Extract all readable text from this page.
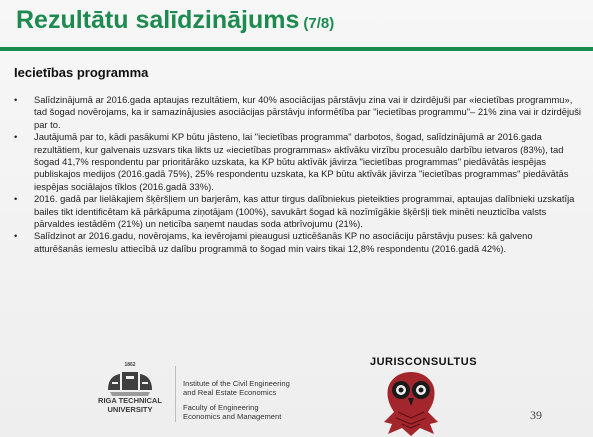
Rezultātu salīdzinājums (7/8)
Iecietības programma
• Salīdzinājumā ar 2016.gada aptaujas rezultātiem, kur 40% asociācijas pārstāvju zina vai ir dzirdējuši par «iecietības programmu», tad šogad novērojams, ka ir samazinājusies asociācijas pārstāvju informētība par "iecietības programmu"– 21% zina vai ir dzirdējuši par to.
• Jautājumā par to, kādi pasākumi KP būtu jāsteno, lai "iecietības programma" darbotos, šogad, salīdzinājumā ar 2016.gada rezultātiem, kur galvenais uzsvars tika likts uz «iecietības programmas» aktīvāku virzību procesuālo darbību ietvaros (83%), tad šogad 41,7% respondentu par prioritārāko uzskata, ka KP būtu aktīvāk jāvirza "iecietības programmas" piedāvātās iespējas publiskajos medijos (2016.gadā 75%), 25% respondentu uzskata, ka KP būtu aktīvāk jāvirza "iecietības programmas" piedāvātās iespējas sociālajos tīklos (2016.gadā 33%).
• 2016. gadā par lielākajiem šķēršļiem un barjerām, kas attur tirgus dalībniekus pieteikties programmai, aptaujas dalībnieki uzskatīja bailes tikt identificētam kā pārkāpuma ziņotājam (100%), savukārt šogad kā nozīmīgākie šķēršļi tiek minēti neuzticība valsts pārvaldes iestādēm (21%) un neticība saņemt naudas soda atbrīvojumu (21%).
• Salīdzinot ar 2016.gadu, novērojams, ka ievērojami pieaugusi uzticēšanās KP no asociāciju pārstāvju puses: kā galveno atturēšanās iemeslu attiecībā uz dalību programmā to šogad min vairs tikai 12,8% respondentu (2016.gadā 42%).
1862
RIGA TECHNICAL
UNIVERSITY
Institute of the Civil Engineering
and Real Estate Economics
Faculty of Engineering
Economics and Management
JURISCONSULTUS
39
